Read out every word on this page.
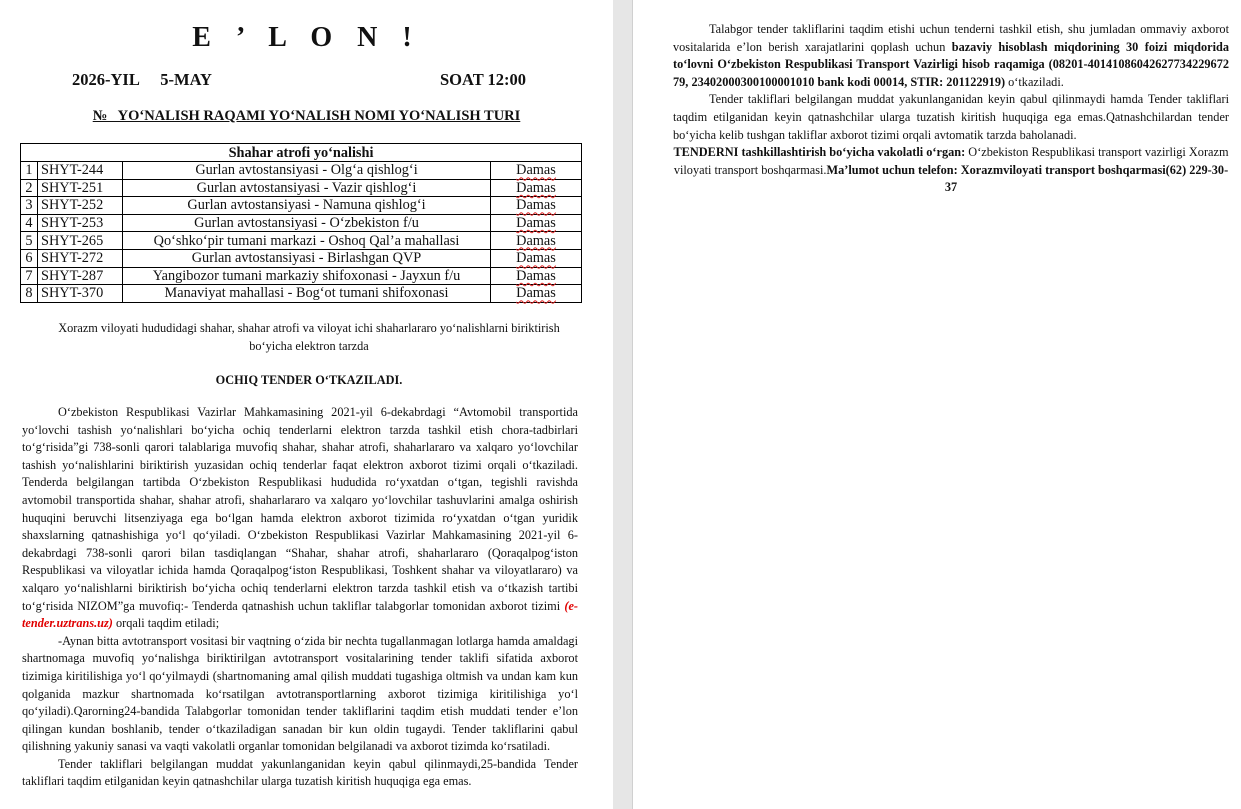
E ’ L O N !
2026-YIL   5-MAY	SOAT 12:00
№   YO‘NALISH RAQAMI YO‘NALISH NOMI YO‘NALISH TURI
Shahar atrofi yo‘nalishi			
1	SHYT-244	Gurlan avtostansiyasi - Olg‘a qishlog‘i	Damas
2	SHYT-251	Gurlan avtostansiyasi - Vazir qishlog‘i	Damas
3	SHYT-252	Gurlan avtostansiyasi - Namuna qishlog‘i	Damas
4	SHYT-253	Gurlan avtostansiyasi - O‘zbekiston f/u	Damas
5	SHYT-265	Qo‘shko‘pir tumani markazi - Oshoq Qal’a mahallasi	Damas
6	SHYT-272	Gurlan avtostansiyasi - Birlashgan QVP	Damas
7	SHYT-287	Yangibozor tumani markaziy shifoxonasi - Jayxun f/u	Damas
8	SHYT-370	Manaviyat mahallasi - Bog‘ot tumani shifoxonasi	Damas
Xorazm viloyati hududidagi shahar, shahar atrofi va viloyat ichi shaharlararo yo‘nalishlarni biriktirish bo‘yicha elektron tarzda
OCHIQ TENDER O‘TKAZILADI.
O‘zbekiston Respublikasi Vazirlar Mahkamasining 2021-yil 6-dekabrdagi “Avtomobil transportida yo‘lovchi tashish yo‘nalishlari bo‘yicha ochiq tenderlarni elektron tarzda tashkil etish chora-tadbirlari to‘g‘risida”gi 738-sonli qarori talablariga muvofiq shahar, shahar atrofi, shaharlararo va xalqaro yo‘lovchilar tashish yo‘nalishlarini biriktirish yuzasidan ochiq tenderlar faqat elektron axborot tizimi orqali o‘tkaziladi. Tenderda belgilangan tartibda O‘zbekiston Respublikasi hududida ro‘yxatdan o‘tgan, tegishli ravishda avtomobil transportida shahar, shahar atrofi, shaharlararo va xalqaro yo‘lovchilar tashuvlarini amalga oshirish huquqini beruvchi litsenziyaga ega bo‘lgan hamda elektron axborot tizimida ro‘yxatdan o‘tgan yuridik shaxslarning qatnashishiga yo‘l qo‘yiladi. O‘zbekiston Respublikasi Vazirlar Mahkamasining 2021-yil 6-dekabrdagi 738-sonli qarori bilan tasdiqlangan “Shahar, shahar atrofi, shaharlararo (Qoraqalpog‘iston Respublikasi va viloyatlar ichida hamda Qoraqalpog‘iston Respublikasi, Toshkent shahar va viloyatlararo) va xalqaro yo‘nalishlarni biriktirish bo‘yicha ochiq tenderlarni elektron tarzda tashkil etish va o‘tkazish tartibi to‘g‘risida NIZOM”ga muvofiq:- Tenderda qatnashish uchun takliflar talabgorlar tomonidan axborot tizimi (e-tender.uztrans.uz) orqali taqdim etiladi;
-Aynan bitta avtotransport vositasi bir vaqtning o‘zida bir nechta tugallanmagan lotlarga hamda amaldagi shartnomaga muvofiq yo‘nalishga biriktirilgan avtotransport vositalarining tender taklifi sifatida axborot tizimiga kiritilishiga yo‘l qo‘yilmaydi (shartnomaning amal qilish muddati tugashiga oltmish va undan kam kun qolganida mazkur shartnomada ko‘rsatilgan avtotransportlarning axborot tizimiga kiritilishiga yo‘l qo‘yiladi).Qarorning24-bandida Talabgorlar tomonidan tender takliflarini taqdim etish muddati tender e’lon qilingan kundan boshlanib, tender o‘tkaziladigan sanadan bir kun oldin tugaydi. Tender takliflarini qabul qilishning yakuniy sanasi va vaqti vakolatli organlar tomonidan belgilanadi va axborot tizimda ko‘rsatiladi.
Tender takliflari belgilangan muddat yakunlanganidan keyin qabul qilinmaydi,25-bandida Tender takliflari taqdim etilganidan keyin qatnashchilar ularga tuzatish kiritish huquqiga ega emas.
Talabgor tender takliflarini taqdim etishi uchun tenderni tashkil etish, shu jumladan ommaviy axborot vositalarida e’lon berish xarajatlarini qoplash uchun bazaviy hisoblash miqdorining 30 foizi miqdorida to‘lovni O‘zbekiston Respublikasi Transport Vazirligi hisob raqamiga (08201-40141086042627734229672 79, 23402000300100001010 bank kodi 00014, STIR: 201122919) o‘tkaziladi.
Tender takliflari belgilangan muddat yakunlanganidan keyin qabul qilinmaydi hamda Tender takliflari taqdim etilganidan keyin qatnashchilar ularga tuzatish kiritish huquqiga ega emas.Qatnashchilardan tender bo‘yicha kelib tushgan takliflar axborot tizimi orqali avtomatik tarzda baholanadi.
TENDERNI tashkillashtirish bo‘yicha vakolatli o‘rgan: O‘zbekiston Respublikasi transport vazirligi Xorazm viloyati transport boshqarmasi.Ma’lumot uchun telefon: Xorazmviloyati transport boshqarmasi(62) 229-30-37
